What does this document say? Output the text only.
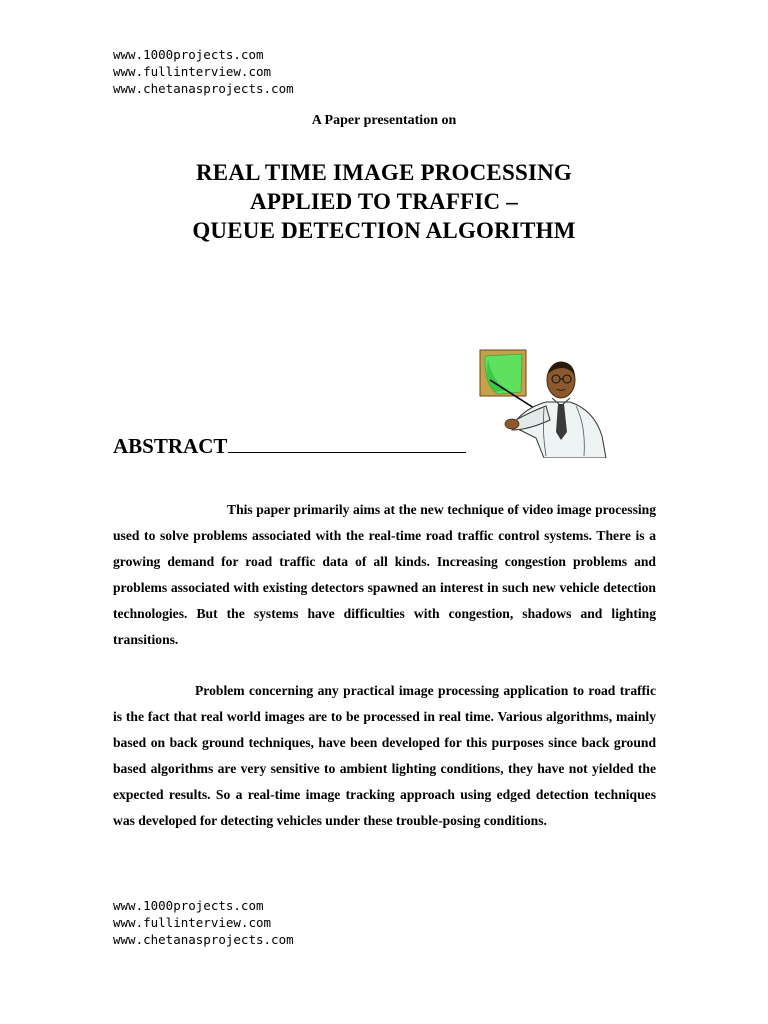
www.1000projects.com
www.fullinterview.com
www.chetanasprojects.com
A Paper presentation on
REAL TIME IMAGE PROCESSING
APPLIED TO TRAFFIC –
QUEUE DETECTION ALGORITHM
ABSTRACT
This paper primarily aims at the new technique of video image processing used to solve problems associated with the real-time road traffic control systems. There is a growing demand for road traffic data of all kinds. Increasing congestion problems and problems associated with existing detectors spawned an interest in such new vehicle detection technologies. But the systems have difficulties with congestion, shadows and lighting transitions.
Problem concerning any practical image processing application to road traffic is the fact that real world images are to be processed in real time. Various algorithms, mainly based on back ground techniques, have been developed for this purposes since back ground based algorithms are very sensitive to ambient lighting conditions, they have not yielded the expected results. So a real-time image tracking approach using edged detection techniques was developed for detecting vehicles under these trouble-posing conditions.
www.1000projects.com
www.fullinterview.com
www.chetanasprojects.com
